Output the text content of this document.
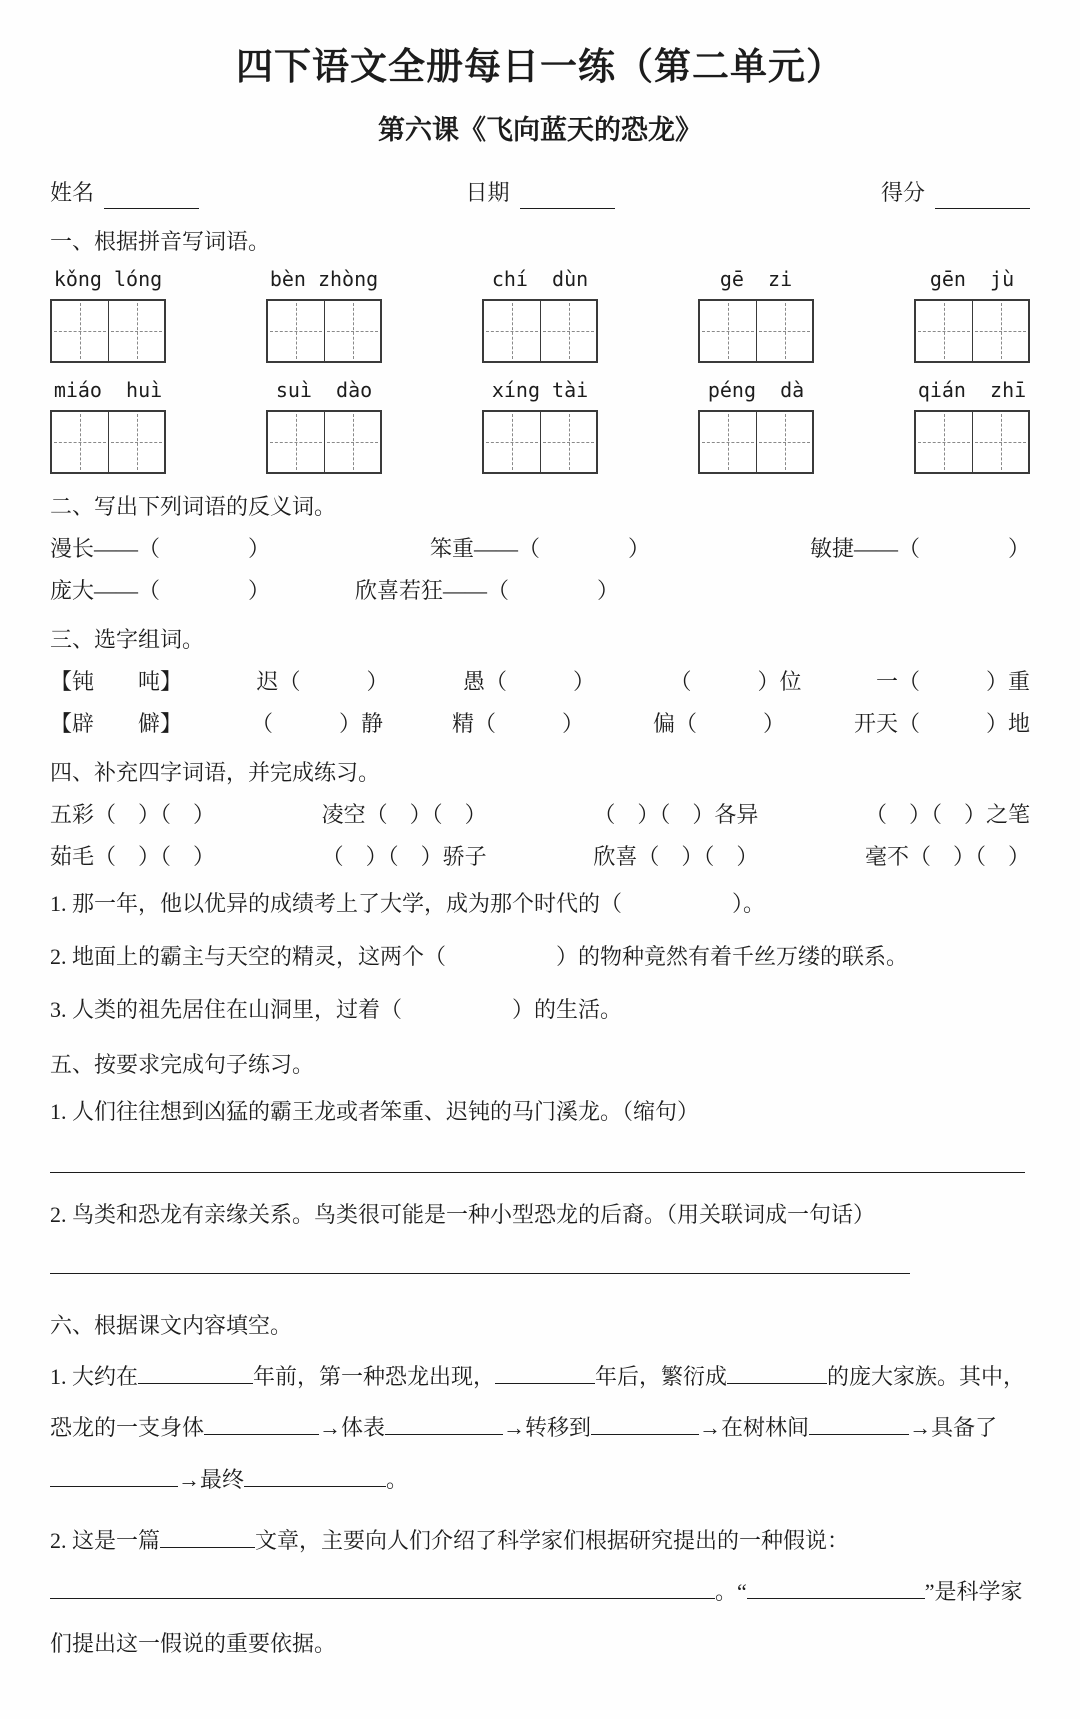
四下语文全册每日一练（第二单元）
第六课《飞向蓝天的恐龙》
姓名	日期	得分
一、根据拼音写词语。
kǒng lóng	bèn zhòng	chí  dùn	gē  zi	gēn  jù
miáo  huì	suì  dào	xíng tài	péng  dà	qián  zhī
二、写出下列词语的反义词。
漫长——（　　　　）	笨重——（　　　　）	敏捷——（　　　　）
庞大——（　　　　）	欣喜若狂——（　　　　）
三、选字组词。
【钝　　吨】	迟（　　　）	愚（　　　）	（　　　）位	一（　　　）重
【辟　　僻】	（　　　）静	精（　　　）	偏（　　　）	开天（　　　）地
四、补充四字词语，并完成练习。
五彩（　）（　）	凌空（　）（　）	（　）（　）各异	（　）（　）之笔
茹毛（　）（　）	（　）（　）骄子	欣喜（　）（　）	毫不（　）（　）
1. 那一年，他以优异的成绩考上了大学，成为那个时代的（　　　　　）。
2. 地面上的霸主与天空的精灵，这两个（　　　　　）的物种竟然有着千丝万缕的联系。
3. 人类的祖先居住在山洞里，过着（　　　　　）的生活。
五、按要求完成句子练习。
1. 人们往往想到凶猛的霸王龙或者笨重、迟钝的马门溪龙。（缩句）
2. 鸟类和恐龙有亲缘关系。鸟类很可能是一种小型恐龙的后裔。（用关联词成一句话）
六、根据课文内容填空。
1. 大约在	年前，第一种恐龙出现，	年后，繁衍成	的庞大家族。其中，恐龙的一支身体	→体表	→转移到	→在树林间	→具备了→最终	。
2. 这是一篇	文章，主要向人们介绍了科学家们根据研究提出的一种假说：。“	”是科学家们提出这一假说的重要依据。
